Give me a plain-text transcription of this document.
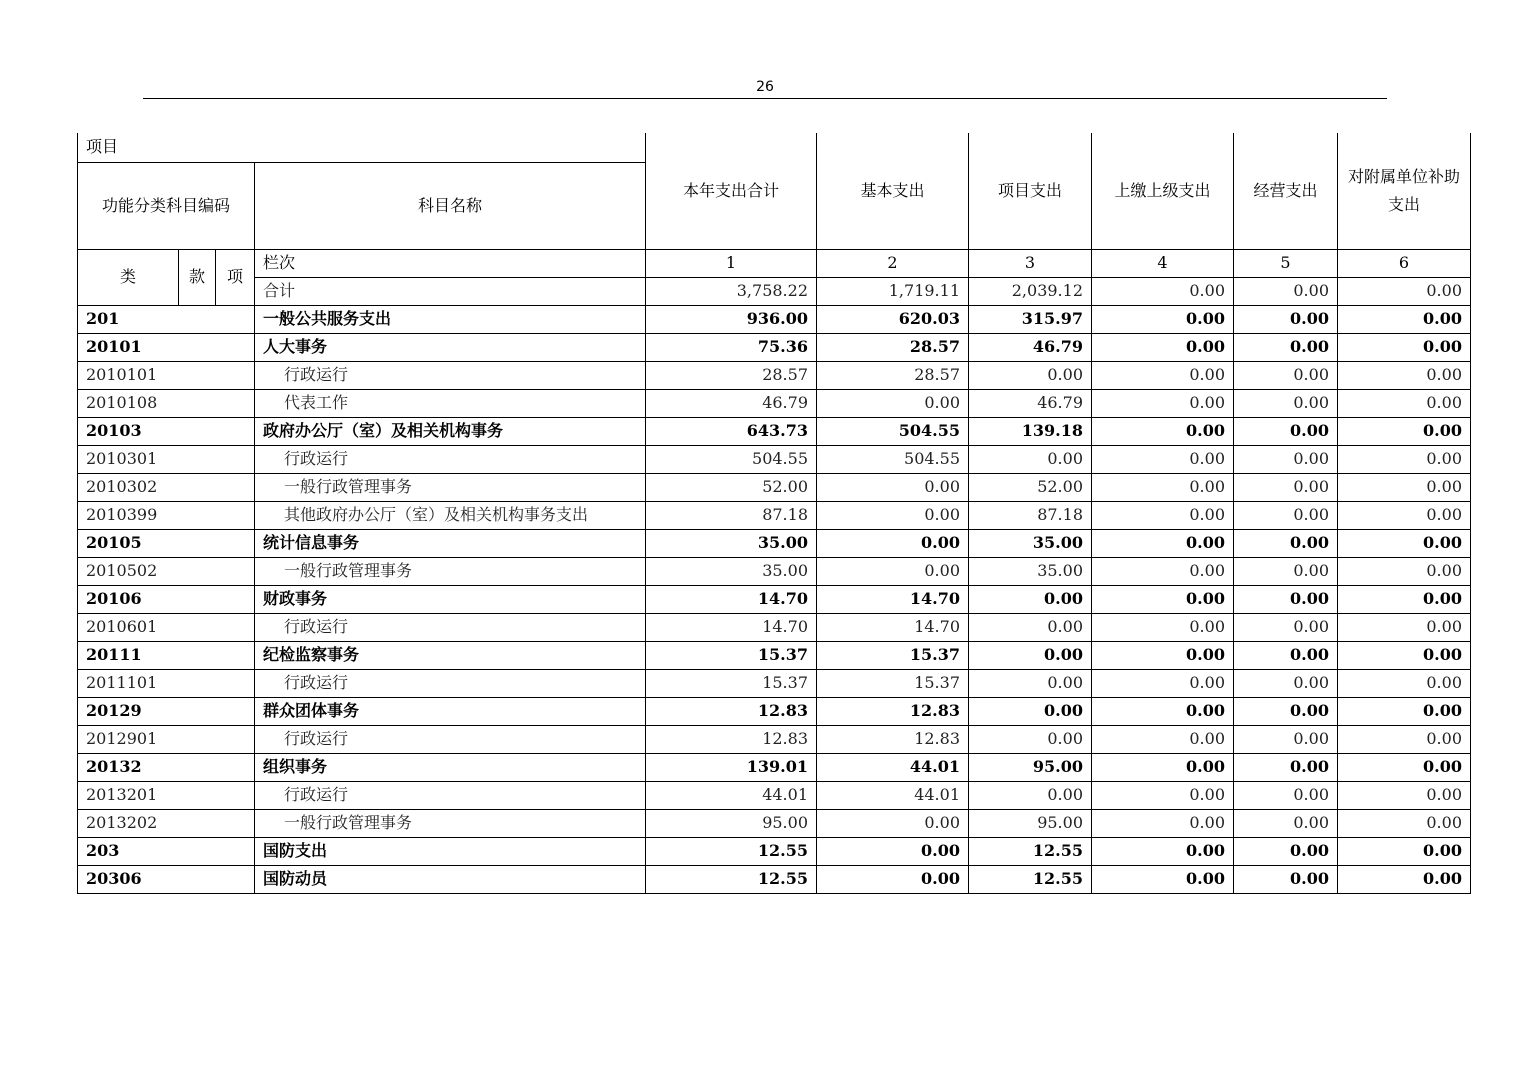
26
项目				本年支出合计	基本支出	项目支出	上缴上级支出	经营支出	对附属单位补助支出
功能分类科目编码			科目名称						
类	款	项	栏次	1	2	3	4	5	6
			合计	3,758.22	1,719.11	2,039.12	0.00	0.00	0.00
201			一般公共服务支出	936.00	620.03	315.97	0.00	0.00	0.00
20101			人大事务	75.36	28.57	46.79	0.00	0.00	0.00
2010101			行政运行	28.57	28.57	0.00	0.00	0.00	0.00
2010108			代表工作	46.79	0.00	46.79	0.00	0.00	0.00
20103			政府办公厅（室）及相关机构事务	643.73	504.55	139.18	0.00	0.00	0.00
2010301			行政运行	504.55	504.55	0.00	0.00	0.00	0.00
2010302			一般行政管理事务	52.00	0.00	52.00	0.00	0.00	0.00
2010399			其他政府办公厅（室）及相关机构事务支出	87.18	0.00	87.18	0.00	0.00	0.00
20105			统计信息事务	35.00	0.00	35.00	0.00	0.00	0.00
2010502			一般行政管理事务	35.00	0.00	35.00	0.00	0.00	0.00
20106			财政事务	14.70	14.70	0.00	0.00	0.00	0.00
2010601			行政运行	14.70	14.70	0.00	0.00	0.00	0.00
20111			纪检监察事务	15.37	15.37	0.00	0.00	0.00	0.00
2011101			行政运行	15.37	15.37	0.00	0.00	0.00	0.00
20129			群众团体事务	12.83	12.83	0.00	0.00	0.00	0.00
2012901			行政运行	12.83	12.83	0.00	0.00	0.00	0.00
20132			组织事务	139.01	44.01	95.00	0.00	0.00	0.00
2013201			行政运行	44.01	44.01	0.00	0.00	0.00	0.00
2013202			一般行政管理事务	95.00	0.00	95.00	0.00	0.00	0.00
203			国防支出	12.55	0.00	12.55	0.00	0.00	0.00
20306			国防动员	12.55	0.00	12.55	0.00	0.00	0.00
